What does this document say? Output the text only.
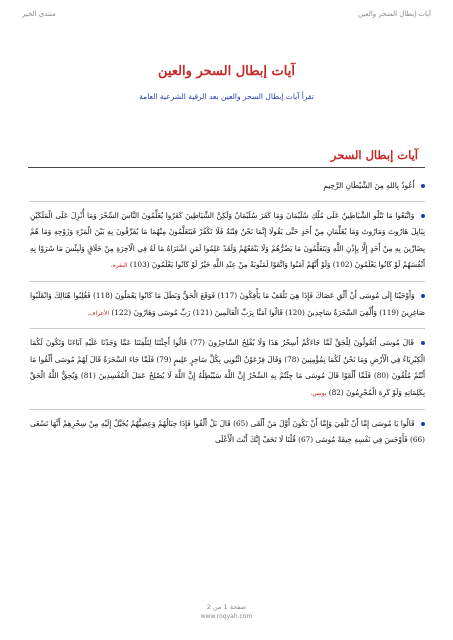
آيات إبطال السحر والعين
منتدى الخير
آيات إبطال السحر والعين
تقرأ آيات إبطال السحر والعين بعد الرقية الشرعية العامة
آيات إبطال السحر

أَعُوذُ بِاللهِ مِنَ الشَّيْطَانِ الرَّجِيمِ

وَاتَّبَعُوا مَا تَتْلُو الشَّيَاطِينُ عَلَى مُلْكِ سُلَيْمَانَ وَمَا كَفَرَ سُلَيْمَانُ وَلَكِنَّ الشَّيَاطِينَ كَفَرُوا يُعَلِّمُونَ النَّاسَ السِّحْرَ وَمَا أُنْزِلَ عَلَى الْمَلَكَيْنِ بِبَابِلَ هَارُوتَ وَمَارُوتَ وَمَا يُعَلِّمَانِ مِنْ أَحَدٍ حَتَّى يَقُولَا إِنَّمَا نَحْنُ فِتْنَةٌ فَلَا تَكْفُرْ فَيَتَعَلَّمُونَ مِنْهُمَا مَا يُفَرِّقُونَ بِهِ بَيْنَ الْمَرْءِ وَزَوْجِهِ وَمَا هُمْ بِضَارِّينَ بِهِ مِنْ أَحَدٍ إِلَّا بِإِذْنِ اللَّهِ وَيَتَعَلَّمُونَ مَا يَضُرُّهُمْ وَلَا يَنْفَعُهُمْ وَلَقَدْ عَلِمُوا لَمَنِ اشْتَرَاهُ مَا لَهُ فِي الْآخِرَةِ مِنْ خَلَاقٍ وَلَبِئْسَ مَا شَرَوْا بِهِ أَنْفُسَهُمْ لَوْ كَانُوا يَعْلَمُونَ (102) وَلَوْ أَنَّهُمْ آمَنُوا وَاتَّقَوْا لَمَثُوبَةٌ مِنْ عِنْدِ اللَّهِ خَيْرٌ لَوْ كَانُوا يَعْلَمُونَ (103) البقرة.

وَأَوْحَيْنَا إِلَى مُوسَى أَنْ أَلْقِ عَصَاكَ فَإِذَا هِيَ تَلْقَفُ مَا يَأْفِكُونَ (117) فَوَقَعَ الْحَقُّ وَبَطَلَ مَا كَانُوا يَعْمَلُونَ (118) فَغُلِبُوا هُنَالِكَ وَانْقَلَبُوا صَاغِرِينَ (119) وَأُلْقِيَ السَّحَرَةُ سَاجِدِينَ (120) قَالُوا آمَنَّا بِرَبِّ الْعَالَمِينَ (121) رَبِّ مُوسَى وَهَارُونَ (122) الأعراف.

قَالَ مُوسَى أَتَقُولُونَ لِلْحَقِّ لَمَّا جَاءَكُمْ أَسِحْرٌ هَذَا وَلَا يُفْلِحُ السَّاحِرُونَ (77) قَالُوا أَجِئْتَنَا لِتَلْفِتَنَا عَمَّا وَجَدْنَا عَلَيْهِ آبَاءَنَا وَتَكُونَ لَكُمَا الْكِبْرِيَاءُ فِي الْأَرْضِ وَمَا نَحْنُ لَكُمَا بِمُؤْمِنِينَ (78) وَقَالَ فِرْعَوْنُ ائْتُونِي بِكُلِّ سَاحِرٍ عَلِيمٍ (79) فَلَمَّا جَاءَ السَّحَرَةُ قَالَ لَهُمْ مُوسَى أَلْقُوا مَا أَنْتُمْ مُلْقُونَ (80) فَلَمَّا أَلْقَوْا قَالَ مُوسَى مَا جِئْتُمْ بِهِ السِّحْرُ إِنَّ اللَّهَ سَيُبْطِلُهُ إِنَّ اللَّهَ لَا يُصْلِحُ عَمَلَ الْمُفْسِدِينَ (81) وَيُحِقُّ اللَّهُ الْحَقَّ بِكَلِمَاتِهِ وَلَوْ كَرِهَ الْمُجْرِمُونَ (82) يونس.

قَالُوا يَا مُوسَى إِمَّا أَنْ تُلْقِيَ وَإِمَّا أَنْ نَكُونَ أَوَّلَ مَنْ أَلْقَى (65) قَالَ بَلْ أَلْقُوا فَإِذَا حِبَالُهُمْ وَعِصِيُّهُمْ يُخَيَّلُ إِلَيْهِ مِنْ سِحْرِهِمْ أَنَّهَا تَسْعَى (66) فَأَوْجَسَ فِي نَفْسِهِ خِيفَةً مُوسَى (67) قُلْنَا لَا تَخَفْ إِنَّكَ أَنْتَ الْأَعْلَى

صفحة 1 من 2
www.roqyah.com
